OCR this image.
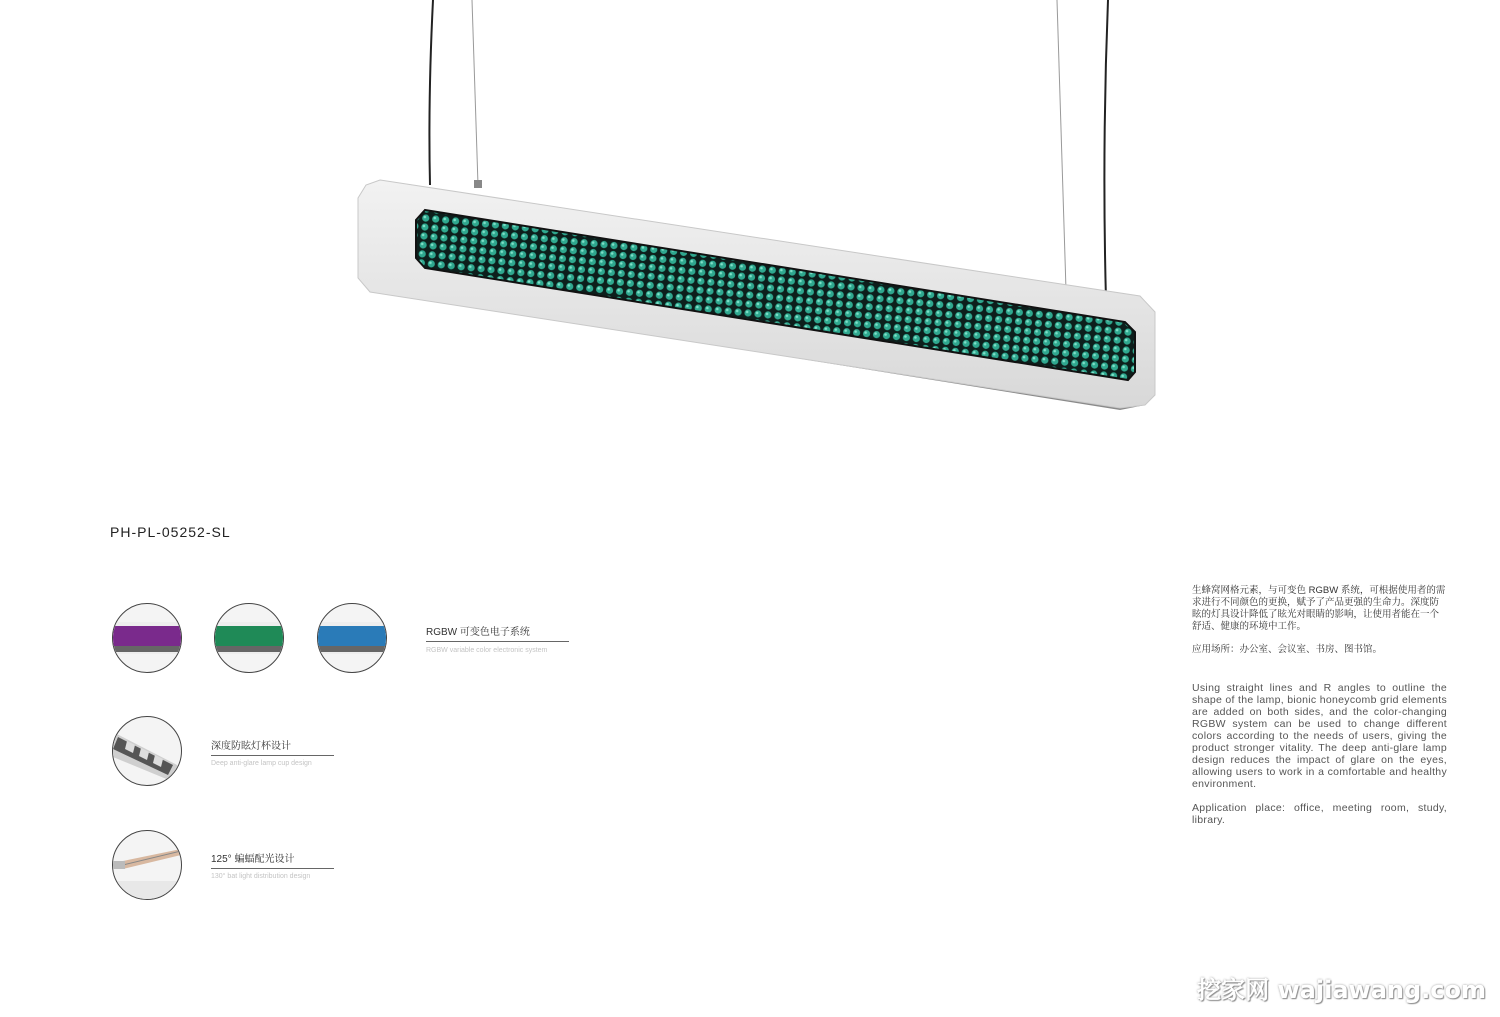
PH-PL-05252-SL
RGBW 可变色电子系统
RGBW variable color electronic system
深度防眩灯杯设计
Deep anti-glare lamp cup design
125° 蝙蝠配光设计
130° bat light distribution design

生蜂窝网格元素，与可变色 RGBW 系统，可根据使用者的需求进行不同颜色的更换，赋予了产品更强的生命力。深度防眩的灯具设计降低了眩光对眼睛的影响，让使用者能在一个舒适、健康的环境中工作。

应用场所：办公室、会议室、书房、图书馆。

Using straight lines and R angles to outline the shape of the lamp, bionic honeycomb grid elements are added on both sides, and the color-changing RGBW system can be used to change different colors according to the needs of users, giving the product stronger vitality. The deep anti-glare lamp design reduces the impact of glare on the eyes, allowing users to work in a comfortable and healthy environment.

Application place: office, meeting room, study, library.

挖家网 wajiawang.com
